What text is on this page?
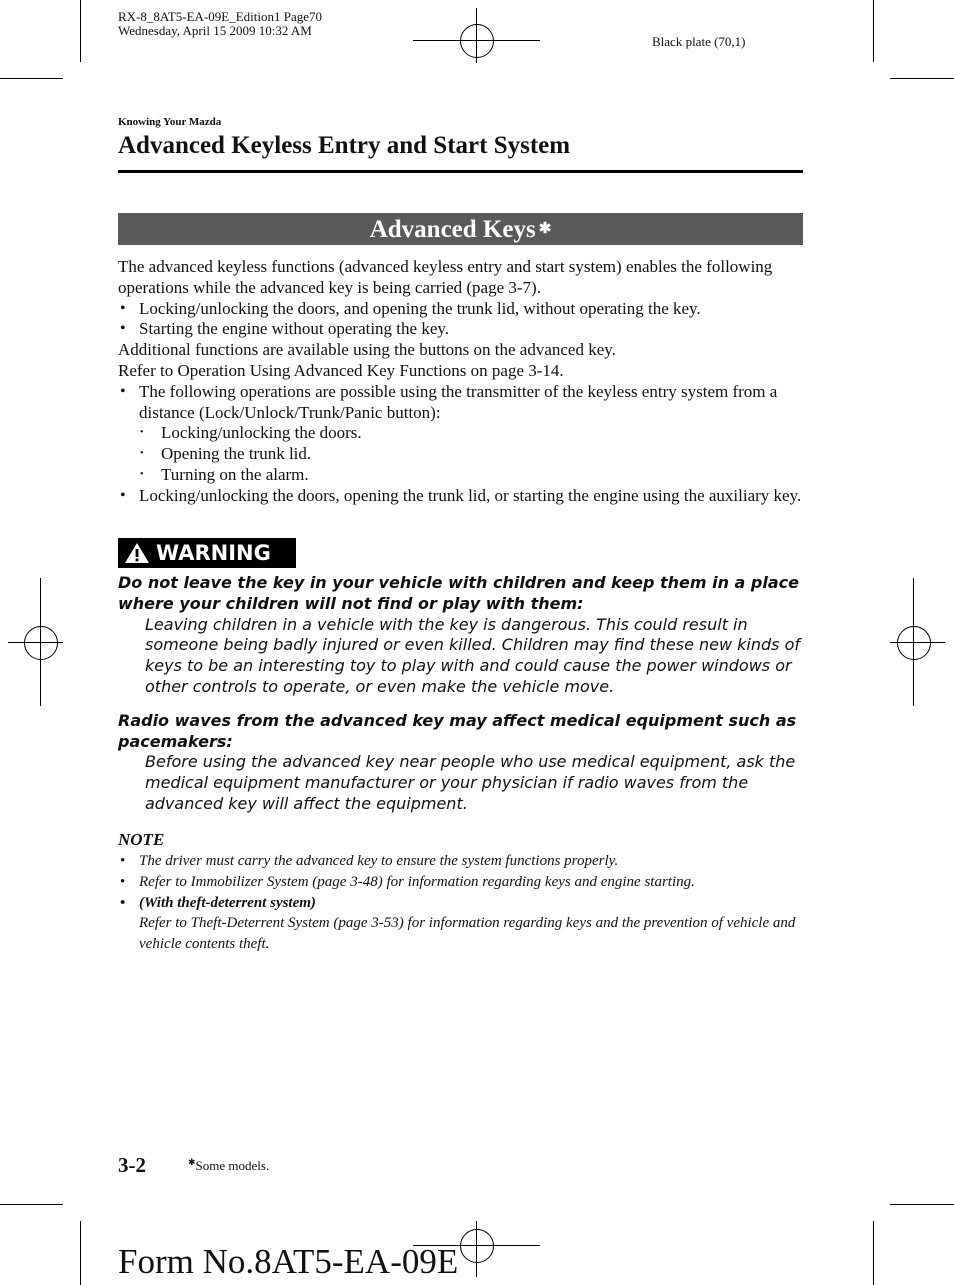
RX-8_8AT5-EA-09E_Edition1 Page70
Wednesday, April 15 2009 10:32 AM
Black plate (70,1)
Knowing Your Mazda
Advanced Keyless Entry and Start System
Advanced Keys ✱
The advanced keyless functions (advanced keyless entry and start system) enables the following operations while the advanced key is being carried (page 3-7).
• Locking/unlocking the doors, and opening the trunk lid, without operating the key.
• Starting the engine without operating the key.
Additional functions are available using the buttons on the advanced key.
Refer to Operation Using Advanced Key Functions on page 3-14.
• The following operations are possible using the transmitter of the keyless entry system from a distance (Lock/Unlock/Trunk/Panic button):
• Locking/unlocking the doors.
• Opening the trunk lid.
• Turning on the alarm.
• Locking/unlocking the doors, opening the trunk lid, or starting the engine using the auxiliary key.
WARNING
Do not leave the key in your vehicle with children and keep them in a place where your children will not find or play with them:
Leaving children in a vehicle with the key is dangerous. This could result in someone being badly injured or even killed. Children may find these new kinds of keys to be an interesting toy to play with and could cause the power windows or other controls to operate, or even make the vehicle move.
Radio waves from the advanced key may affect medical equipment such as pacemakers:
Before using the advanced key near people who use medical equipment, ask the medical equipment manufacturer or your physician if radio waves from the advanced key will affect the equipment.
NOTE
• The driver must carry the advanced key to ensure the system functions properly.
• Refer to Immobilizer System (page 3-48) for information regarding keys and engine starting.
• (With theft-deterrent system)
Refer to Theft-Deterrent System (page 3-53) for information regarding keys and the prevention of vehicle and vehicle contents theft.
3-2	✱Some models.
Form No.8AT5-EA-09E
